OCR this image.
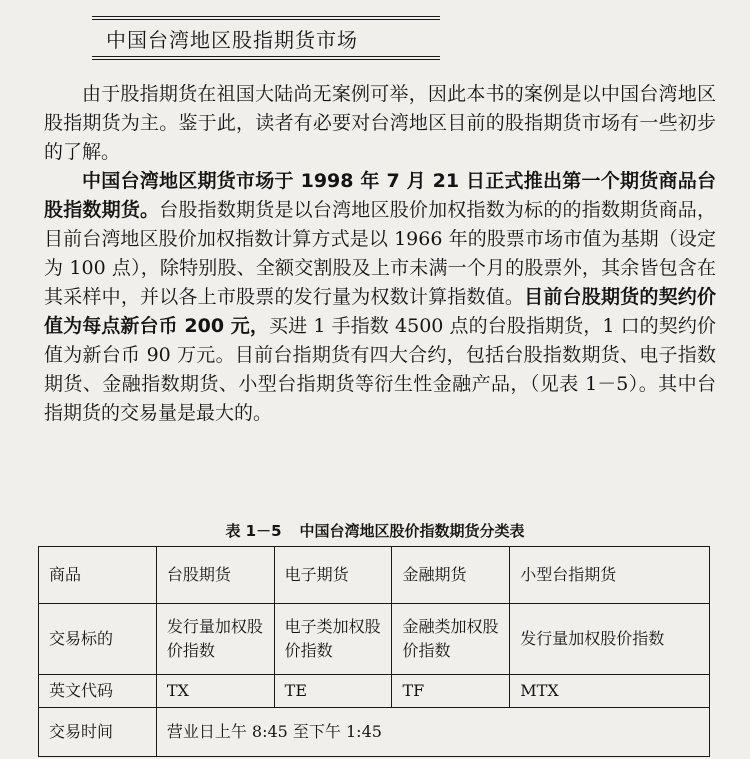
中国台湾地区股指期货市场

由于股指期货在祖国大陆尚无案例可举，因此本书的案例是以中国台湾地区股指期货为主。鉴于此，读者有必要对台湾地区目前的股指期货市场有一些初步的了解。

中国台湾地区期货市场于 1998 年 7 月 21 日正式推出第一个期货商品台股指数期货。台股指数期货是以台湾地区股价加权指数为标的的指数期货商品，目前台湾地区股价加权指数计算方式是以 1966 年的股票市场市值为基期（设定为 100 点），除特别股、全额交割股及上市未满一个月的股票外，其余皆包含在其采样中，并以各上市股票的发行量为权数计算指数值。目前台股期货的契约价值为每点新台币 200 元，买进 1 手指数 4500 点的台股指期货，1 口的契约价值为新台币 90 万元。目前台指期货有四大合约，包括台股指数期货、电子指数期货、金融指数期货、小型台指期货等衍生性金融产品，（见表 1－5）。其中台指期货的交易量是最大的。

表 1－5 中国台湾地区股价指数期货分类表
商品	台股期货	电子期货	金融期货	小型台指期货
交易标的	发行量加权股价指数	电子类加权股价指数	金融类加权股价指数	发行量加权股价指数
英文代码	TX	TE	TF	MTX
交易时间	营业日上午 8:45 至下午 1:45			
